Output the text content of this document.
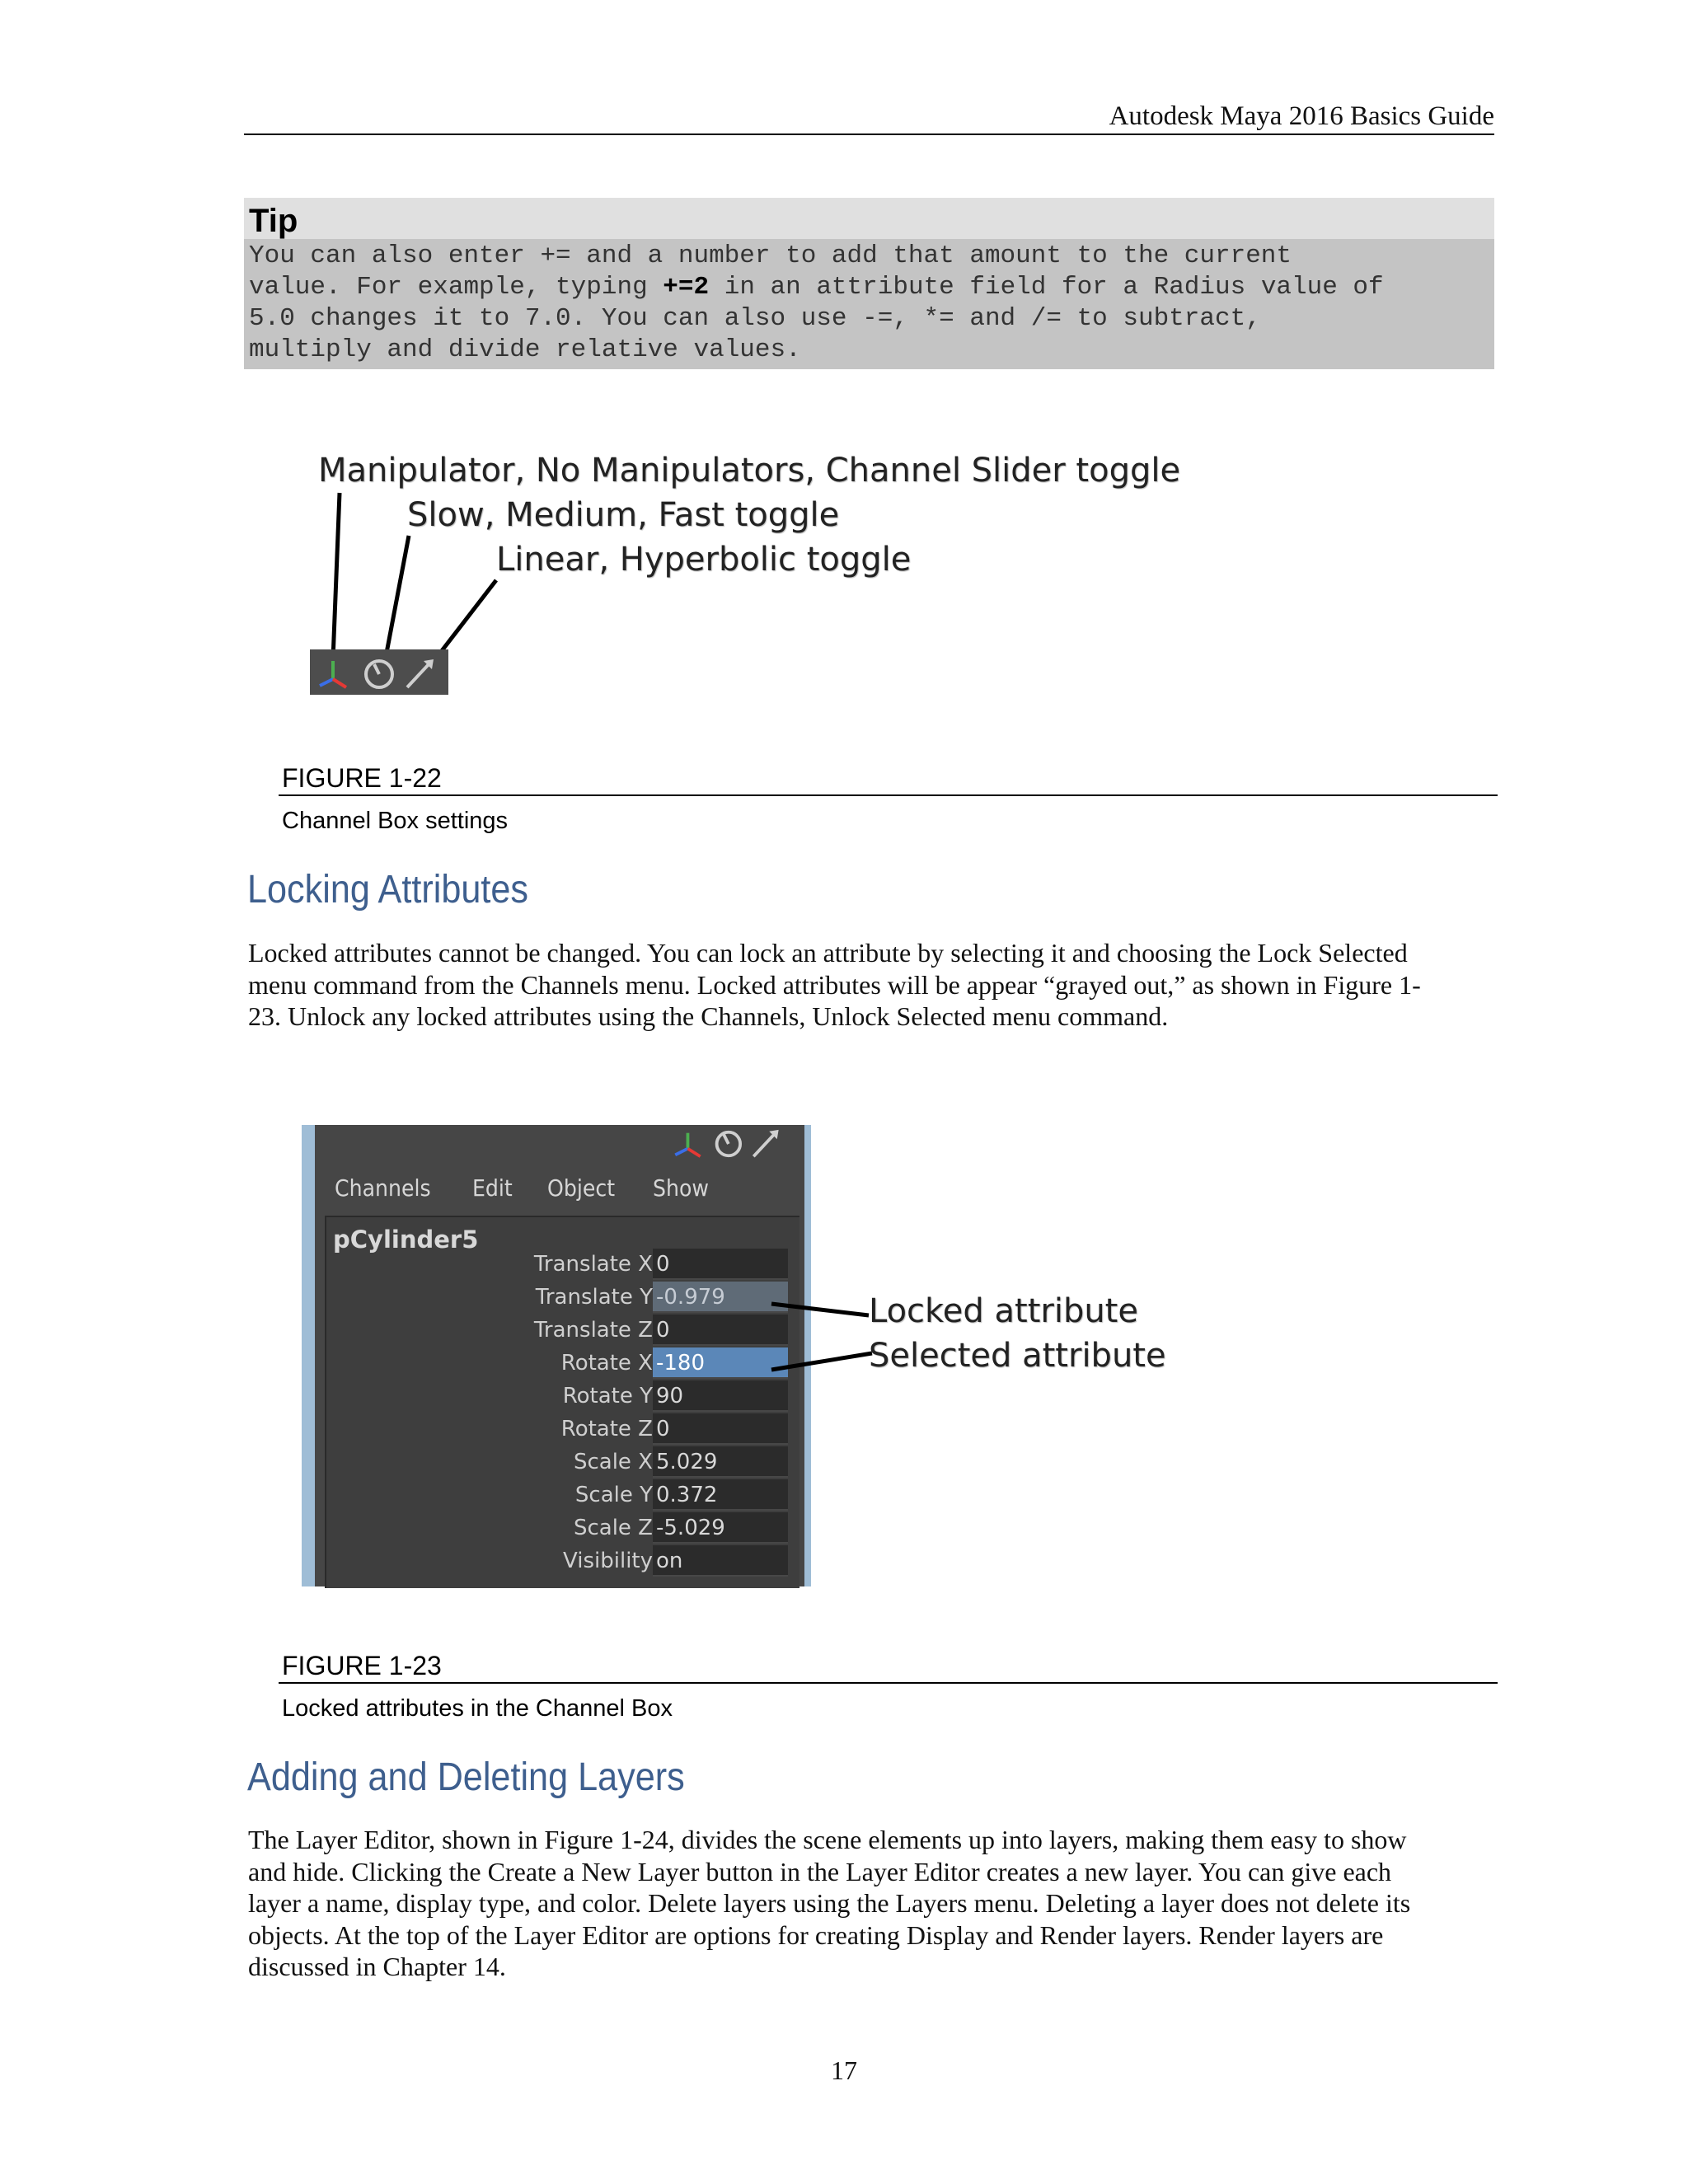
Autodesk Maya 2016 Basics Guide
Tip
You can also enter += and a number to add that amount to the current
value. For example, typing +=2 in an attribute field for a Radius value of
5.0 changes it to 7.0. You can also use -=, *= and /= to subtract,
multiply and divide relative values.
Manipulator, No Manipulators, Channel Slider toggle
Slow, Medium, Fast toggle
Linear, Hyperbolic toggle
FIGURE 1-22
Channel Box settings
Locking Attributes
Locked attributes cannot be changed. You can lock an attribute by selecting it and choosing the Lock Selected
menu command from the Channels menu. Locked attributes will be appear “grayed out,” as shown in Figure 1-
23. Unlock any locked attributes using the Channels, Unlock Selected menu command.
Channels Edit Object Show
pCylinder5
Translate X 0
Translate Y -0.979
Translate Z 0
Rotate X -180
Rotate Y 90
Rotate Z 0
Scale X 5.029
Scale Y 0.372
Scale Z -5.029
Visibility on
Locked attribute
Selected attribute
FIGURE 1-23
Locked attributes in the Channel Box
Adding and Deleting Layers
The Layer Editor, shown in Figure 1-24, divides the scene elements up into layers, making them easy to show
and hide. Clicking the Create a New Layer button in the Layer Editor creates a new layer. You can give each
layer a name, display type, and color. Delete layers using the Layers menu. Deleting a layer does not delete its
objects. At the top of the Layer Editor are options for creating Display and Render layers. Render layers are
discussed in Chapter 14.
17
